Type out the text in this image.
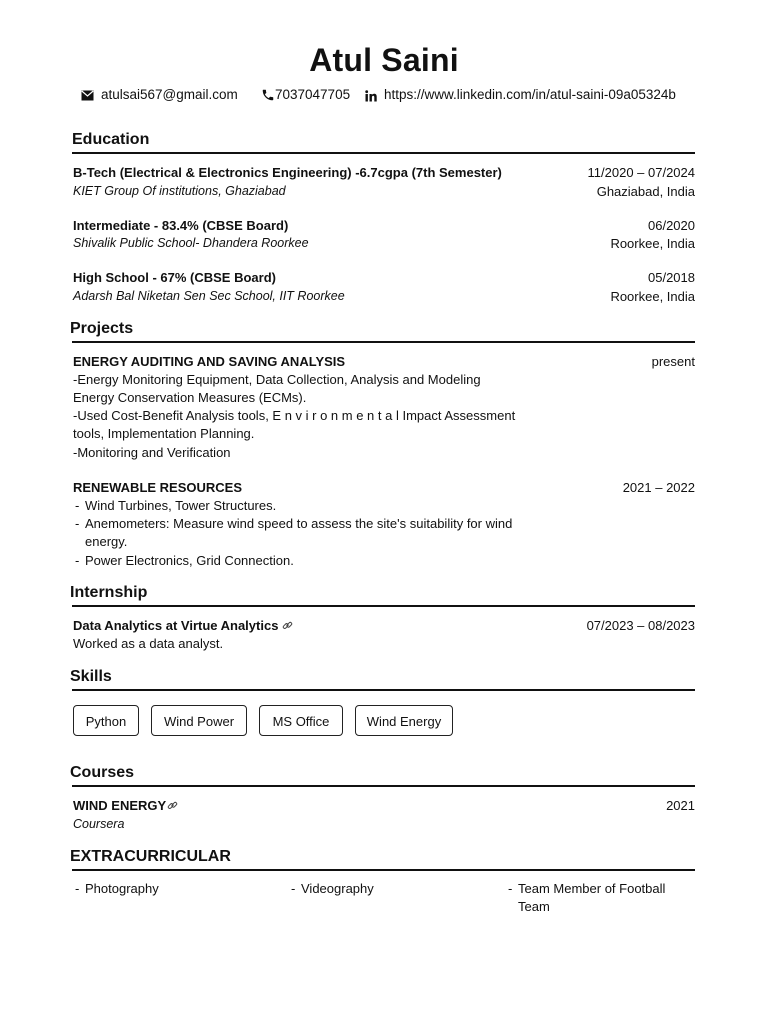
Atul Saini
atulsai567@gmail.com	7037047705	https://www.linkedin.com/in/atul-saini-09a05324b
Education
B-Tech (Electrical & Electronics Engineering) -6.7cgpa (7th Semester)	11/2020 – 07/2024
KIET Group Of institutions, Ghaziabad	Ghaziabad, India
Intermediate - 83.4% (CBSE Board)	06/2020
Shivalik Public School- Dhandera Roorkee	Roorkee, India
High School - 67% (CBSE Board)	05/2018
Adarsh Bal Niketan Sen Sec School, IIT Roorkee	Roorkee, India
Projects
ENERGY AUDITING AND SAVING ANALYSIS	present
-Energy Monitoring Equipment, Data Collection, Analysis and Modeling
Energy Conservation Measures (ECMs).
-Used Cost-Benefit Analysis tools, E n v i r o n m e n t a l Impact Assessment
tools, Implementation Planning.
-Monitoring and Verification
RENEWABLE RESOURCES	2021 – 2022
- Wind Turbines, Tower Structures.
- Anemometers: Measure wind speed to assess the site's suitability for wind
energy.
- Power Electronics, Grid Connection.
Internship
Data Analytics at Virtue Analytics	07/2023 – 08/2023
Worked as a data analyst.
Skills
Python	Wind Power	MS Office	Wind Energy
Courses
WIND ENERGY	2021
Coursera
EXTRACURRICULAR
- Photography	- Videography	- Team Member of Football
Team
